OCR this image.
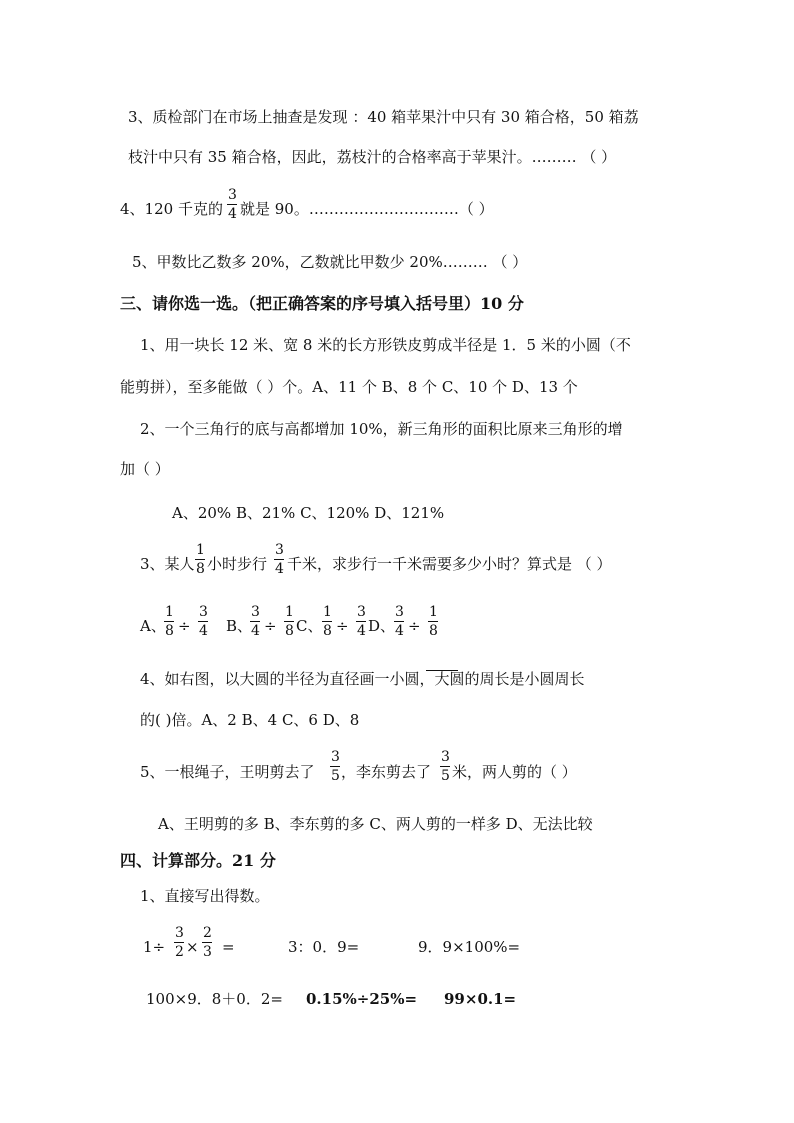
3、质检部门在市场上抽查是发现 ：40 箱苹果汁中只有 30 箱合格，50 箱荔
枝汁中只有 35 箱合格，因此，荔枝汁的合格率高于苹果汁。……… （ ）
4、120 千克的
3
4 就是 90。…………………………（ ）
5、甲数比乙数多 20%，乙数就比甲数少 20%……… （ ）
三、请你选一选。（把正确答案的序号填入括号里）10 分
1、用一块长 12 米、宽 8 米的长方形铁皮剪成半径是 1．5 米的小圆（不
能剪拼），至多能做（ ）个。A、11 个 B、8 个 C、10 个 D、13 个
2、一个三角行的底与高都增加 10%，新三角形的面积比原来三角形的增
加（ ）
A、20% B、21% C、120% D、121%
3、某人
1
8 小时步行
3
4 千米，求步行一千米需要多少小时？算式是 （ ）
A、
1
8 ÷
3
4 B、
3
4 ÷
1
8 C、
1
8 ÷
3
4 D、
3
4 ÷
1
8
4、如右图，以大圆的半径为直径画一小圆，大圆的周长是小圆周长
的( )倍。A、2 B、4 C、6 D、8
5、一根绳子，王明剪去了
3
5 ，李东剪去了
3
5 米，两人剪的（ ）
A、王明剪的多 B、李东剪的多 C、两人剪的一样多 D、无法比较
四、计算部分。21 分
1、直接写出得数。
1÷
3
2 ×
2
3 =	3：0．9=	9．9×100%=
100×9．8＋0．2= 0.15%÷25%= 99×0.1=
